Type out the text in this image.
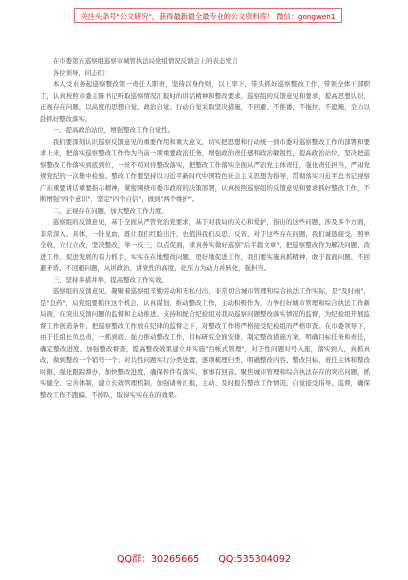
关注头条号"公文研究"，获得最新最全最专业的公文资料库！ 微信：gongwen1

在市委第五巡察组巡察市城管执法局党组情况反馈会上的表态发言

各位领导，同志们：

本人受水务起巡察整改第一责任人职责，坚持以身作则，以上率下，带头抓好巡察整改工作，带领全体干部职工，认真按照市委主陈书记听取巡察情况汇报时的讲话精神和整改要求，巡察组的反馈意见和要求，提高思想认识，正视存在问题，以高度的思想自觉、政治自觉、行动自觉采取坚决措施，不回避、不推诿、不拖拉、不遮掩，全力以赴抓好整改落实。

一、提高政治站位，增强整改工作自觉性。

我们要深刻认识巡察反馈意见的重要作用和重大意义，切实把思想和行动统一到市委对巡察整改工作的部署和要求上来，把落实巡察整改工作作为当前一项重要政治任务，增强政治责任感和政治敏锐性，提高政治站位，坚决把巡察整改工作落实到底到位，一丝不苟对待整改落实，把整改工作落实全面从严治党主体责任，强化责任担当，严肃党规党纪的一次集中检验。整改工作要坚持以习近平新时代中国特色社会主义思想为指导，贯彻落实习近平总书记视察广东重要讲话重要指示精神，紧密围绕市委市政府的决策部署，认真按照巡察组的反馈意见和要求抓好整改工作，不断增强"四个意识"，坚定"四个自信"，做到"两个维护"。

二、正视存在问题，加大整改工作力度。

巡察组的反馈意见，基于全面从严管党治党要求，基于对我局的关心和爱护，指出的这些问题，涉及多个方面，非常深入、具体，一针见血，既让我们红脸出汗，也值得我们反思、反省，对于这些存在问题，我们诚恳接受，照单全收，立行立改，坚决整改，举一反三，以点促面，求真务实做好巡察"后半篇文章"，把巡察整改作为解决问题、改进工作、促进发展的有力抓手，实实在在地整改问题，更好地促进工作，我们要实施真抓精神，敢于直面问题、不回避矛盾、不回避问题，从讲政治、讲党性的高度，化压力为动力并转化，强担当。

三、坚持多措并举，提高整改工作实效。

巡察组的反馈意见，凝聚着巡察组辛勤劳动和无私付出，非常切合城市管理和综合执法工作实际，是"及时雨"，是"良药"，局党组要抓住这个机会，认真谋划，推动整改工作，主动积极作为，力争打好城市管理和综合执法工作新局面，在突出反馈问题的监督和主动推进。支持和配合纪检组对我局巡察问题整改落实情况的监督，为纪检组开展监督工作创造条件，把巡察整改工作放在纪律的监督之下，对整改工作将严格接受纪检组的严格审查。在市委领导下，由于任组长负总责，一抓到底，强力推动整改工作，目标研究全面安排，制定整改措施方案，明确目标任务和责任，确定整改进度、加强整改督查，提高整改效果建立并实施"台帐式管理"，对于性问题对号入座，落实到人，真抓真改，做到整改一个销号一个；对共性问题实行分类处置，逐项梳理归类，明确整改内容、整改目标、责任主体和整改时限，强化跟踪督办，加快整改进度，确保件件有落实，事事有回音。聚焦城市管理和综合执法存在的突出问题，抓实健全、完善体制，建立长效管理机制，加强诸务汇报，主动、及时报告整改工作情况，自觉接受指导、监督，确保整改工作不跑偏、不掉队，取得实实在在的效果。

QQ群：30265665 QQ:535304092
